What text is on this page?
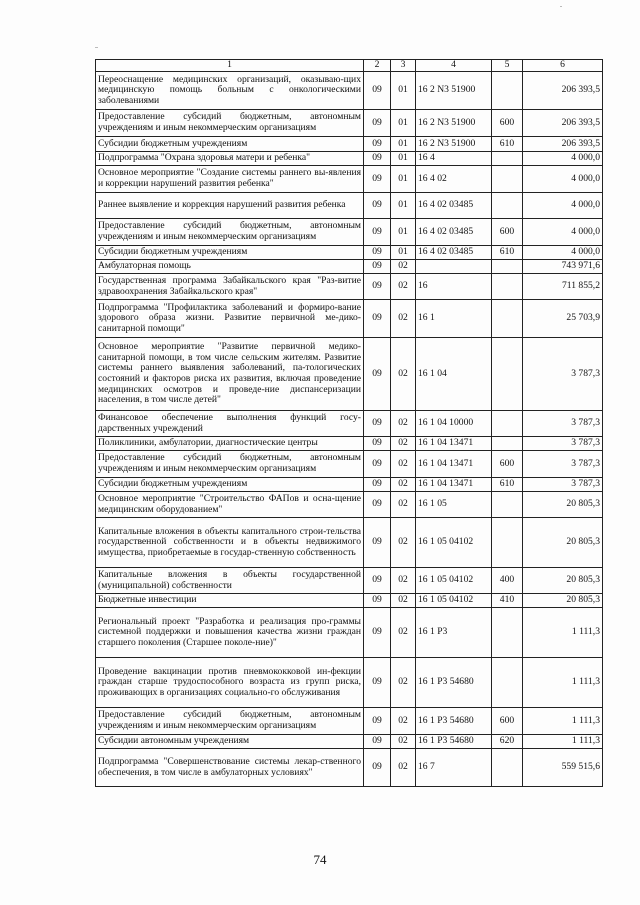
1	2	3	4	5	6
Переоснащение медицинских организаций, оказываю-щих медицинскую помощь больным с онкологическими заболеваниями	09	01	16 2 N3 51900		206 393,5
Предоставление субсидий бюджетным, автономным учреждениям и иным некоммерческим организациям	09	01	16 2 N3 51900	600	206 393,5
Субсидии бюджетным учреждениям	09	01	16 2 N3 51900	610	206 393,5
Подпрограмма "Охрана здоровья матери и ребенка"	09	01	16 4		4 000,0
Основное мероприятие "Создание системы раннего вы-явления и коррекции нарушений развития ребенка"	09	01	16 4 02		4 000,0
Раннее выявление и коррекция нарушений развития ребенка	09	01	16 4 02 03485		4 000,0
Предоставление субсидий бюджетным, автономным учреждениям и иным некоммерческим организациям	09	01	16 4 02 03485	600	4 000,0
Субсидии бюджетным учреждениям	09	01	16 4 02 03485	610	4 000,0
Амбулаторная помощь	09	02			743 971,6
Государственная программа Забайкальского края "Раз-витие здравоохранения Забайкальского края"	09	02	16		711 855,2
Подпрограмма "Профилактика заболеваний и формиро-вание здорового образа жизни. Развитие первичной ме-дико-санитарной помощи"	09	02	16 1		25 703,9
Основное мероприятие "Развитие первичной медико-санитарной помощи, в том числе сельским жителям. Развитие системы раннего выявления заболеваний, па-тологических состояний и факторов риска их развития, включая проведение медицинских осмотров и проведе-ние диспансеризации населения, в том числе детей"	09	02	16 1 04		3 787,3
Финансовое обеспечение выполнения функций госу-дарственных учреждений	09	02	16 1 04 10000		3 787,3
Поликлиники, амбулатории, диагностические центры	09	02	16 1 04 13471		3 787,3
Предоставление субсидий бюджетным, автономным учреждениям и иным некоммерческим организациям	09	02	16 1 04 13471	600	3 787,3
Субсидии бюджетным учреждениям	09	02	16 1 04 13471	610	3 787,3
Основное мероприятие "Строительство ФАПов и осна-щение медицинским оборудованием"	09	02	16 1 05		20 805,3
Капитальные вложения в объекты капитального строи-тельства государственной собственности и в объекты недвижимого имущества, приобретаемые в государ-ственную собственность	09	02	16 1 05 04102		20 805,3
Капитальные вложения в объекты государственной (муниципальной) собственности	09	02	16 1 05 04102	400	20 805,3
Бюджетные инвестиции	09	02	16 1 05 04102	410	20 805,3
Региональный проект "Разработка и реализация про-граммы системной поддержки и повышения качества жизни граждан старшего поколения (Старшее поколе-ние)"	09	02	16 1 P3		1 111,3
Проведение вакцинации против пневмококковой ин-фекции граждан старше трудоспособного возраста из групп риска, проживающих в организациях социально-го обслуживания	09	02	16 1 P3 54680		1 111,3
Предоставление субсидий бюджетным, автономным учреждениям и иным некоммерческим организациям	09	02	16 1 P3 54680	600	1 111,3
Субсидии автономным учреждениям	09	02	16 1 P3 54680	620	1 111,3
Подпрограмма "Совершенствование системы лекар-ственного обеспечения, в том числе в амбулаторных условиях"	09	02	16 7		559 515,6
74
